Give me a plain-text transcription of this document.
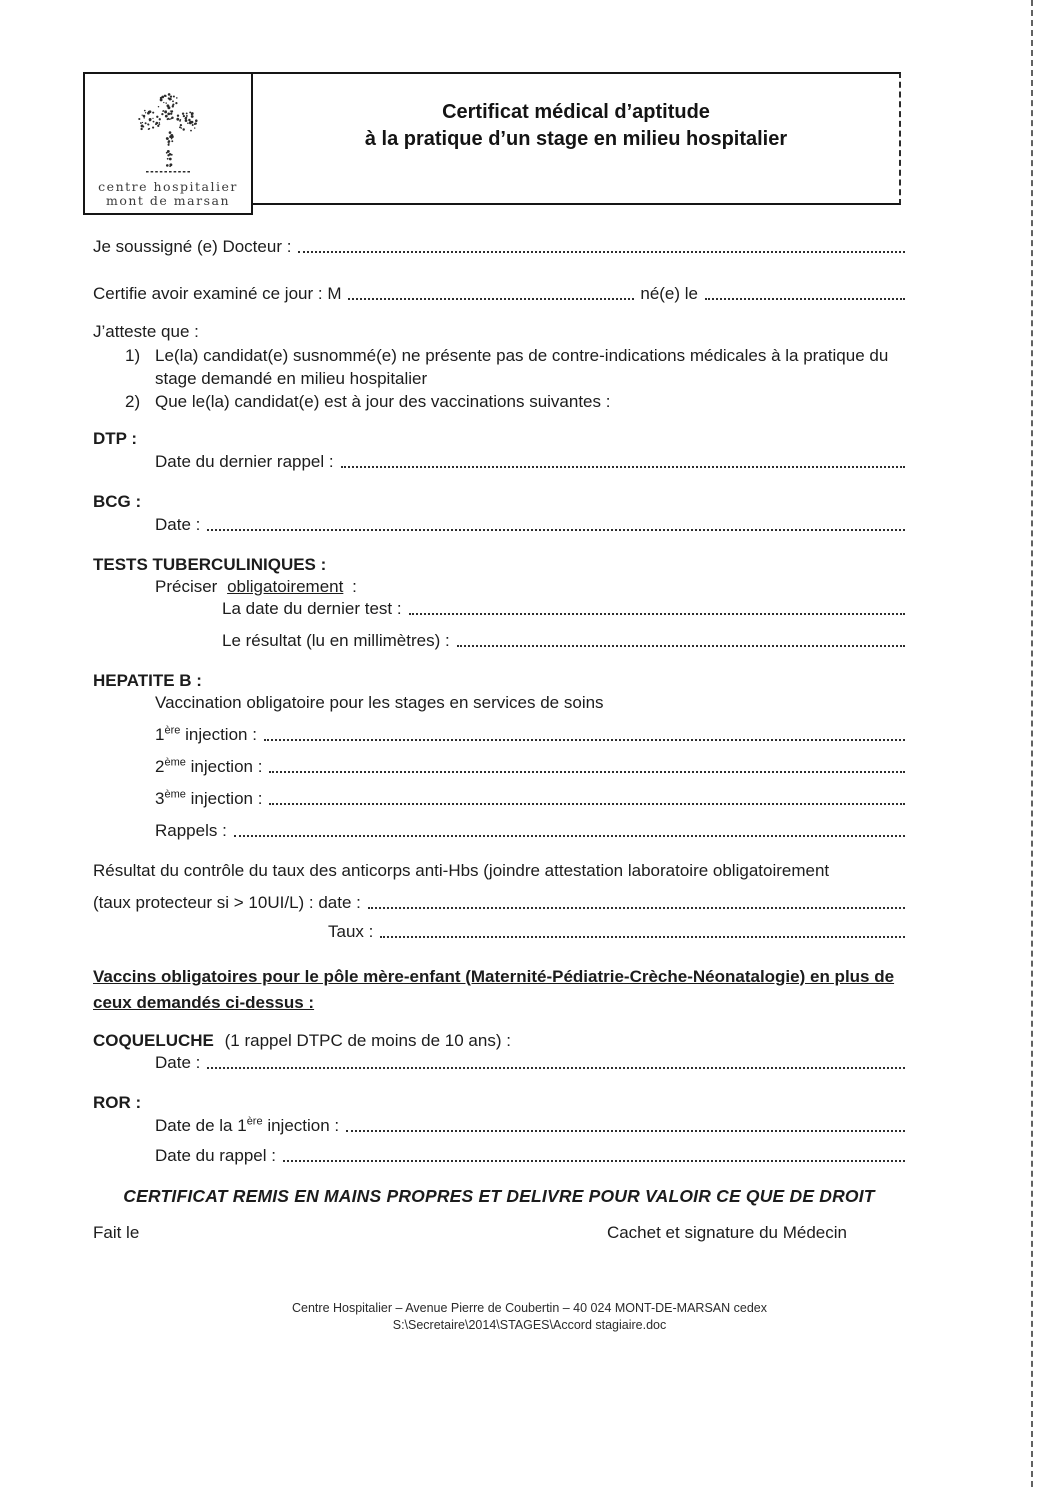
centre hospitalier
mont de marsan
Certificat médical d’aptitude
à la pratique d’un stage en milieu hospitalier
Je soussigné (e) Docteur :
Certifie avoir examiné ce jour : M	né(e) le
J’atteste que :
1) Le(la) candidat(e) susnommé(e) ne présente pas de contre-indications médicales à la pratique du
stage demandé en milieu hospitalier
2) Que le(la) candidat(e) est à jour des vaccinations suivantes :
DTP :
Date du dernier rappel :
BCG :
Date :
TESTS TUBERCULINIQUES :
Préciser obligatoirement :
La date du dernier test :
Le résultat (lu en millimètres) :
HEPATITE B :
Vaccination obligatoire pour les stages en services de soins
1ère injection :
2ème injection :
3ème injection :
Rappels :
Résultat du contrôle du taux des anticorps anti-Hbs (joindre attestation laboratoire obligatoirement
(taux protecteur si > 10UI/L) : date :
Taux :
Vaccins obligatoires pour le pôle mère-enfant (Maternité-Pédiatrie-Crèche-Néonatalogie) en plus de
ceux demandés ci-dessus :
COQUELUCHE (1 rappel DTPC de moins de 10 ans) :
Date :
ROR :
Date de la 1ère injection :
Date du rappel :
CERTIFICAT REMIS EN MAINS PROPRES ET DELIVRE POUR VALOIR CE QUE DE DROIT
Fait le	Cachet et signature du Médecin
Centre Hospitalier – Avenue Pierre de Coubertin – 40 024 MONT-DE-MARSAN cedex
S:\Secretaire\2014\STAGES\Accord stagiaire.doc
